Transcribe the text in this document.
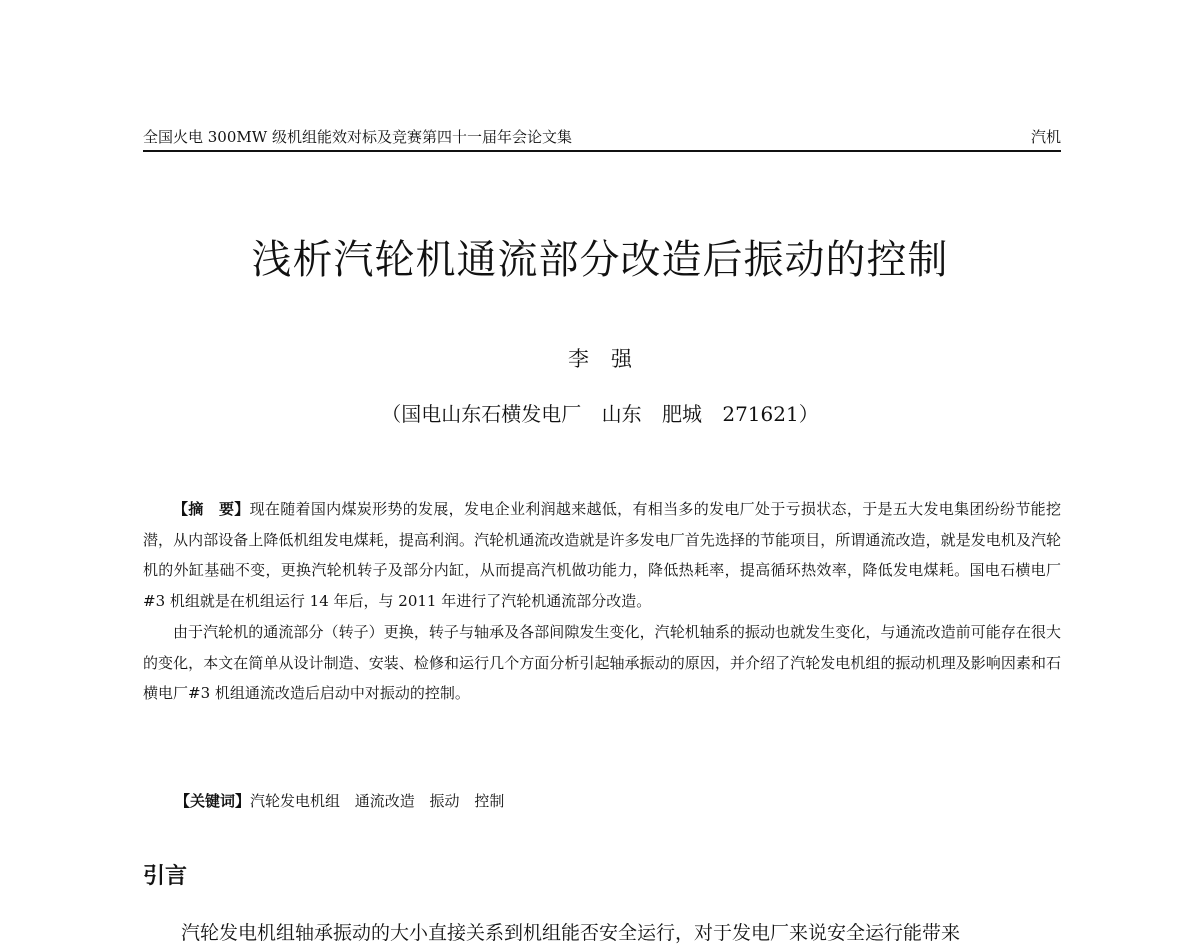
全国火电 300MW 级机组能效对标及竞赛第四十一届年会论文集	汽机
浅析汽轮机通流部分改造后振动的控制
李强
（国电山东石横发电厂 山东 肥城 271621）

【摘　要】现在随着国内煤炭形势的发展，发电企业利润越来越低，有相当多的发电厂处于亏损状态，于是五大发电集团纷纷节能挖潜，从内部设备上降低机组发电煤耗，提高利润。汽轮机通流改造就是许多发电厂首先选择的节能项目，所谓通流改造，就是发电机及汽轮机的外缸基础不变，更换汽轮机转子及部分内缸，从而提高汽机做功能力，降低热耗率，提高循环热效率，降低发电煤耗。国电石横电厂#3 机组就是在机组运行 14 年后，与 2011 年进行了汽轮机通流部分改造。

由于汽轮机的通流部分（转子）更换，转子与轴承及各部间隙发生变化，汽轮机轴系的振动也就发生变化，与通流改造前可能存在很大的变化，本文在简单从设计制造、安装、检修和运行几个方面分析引起轴承振动的原因，并介绍了汽轮发电机组的振动机理及影响因素和石横电厂#3 机组通流改造后启动中对振动的控制。

【关键词】汽轮发电机组 通流改造 振动 控制
引言
汽轮发电机组轴承振动的大小直接关系到机组能否安全运行，对于发电厂来说安全运行能带来
